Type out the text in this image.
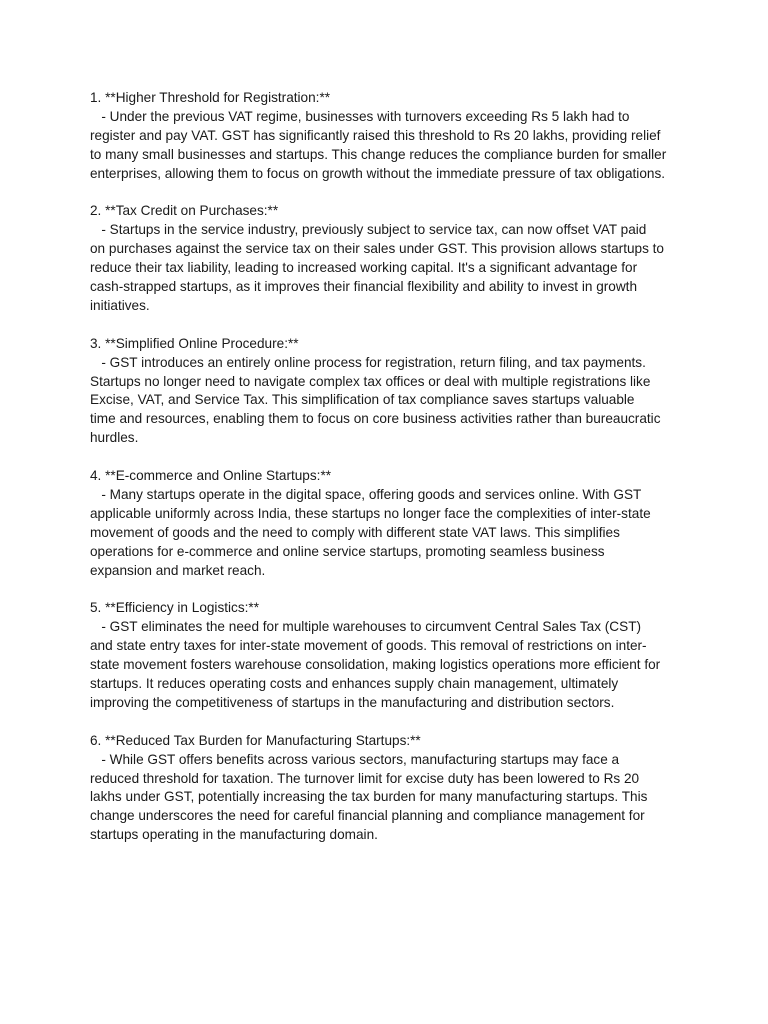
1. **Higher Threshold for Registration:**

- Under the previous VAT regime, businesses with turnovers exceeding Rs 5 lakh had to

register and pay VAT. GST has significantly raised this threshold to Rs 20 lakhs, providing relief

to many small businesses and startups. This change reduces the compliance burden for smaller

enterprises, allowing them to focus on growth without the immediate pressure of tax obligations.

2. **Tax Credit on Purchases:**

- Startups in the service industry, previously subject to service tax, can now offset VAT paid

on purchases against the service tax on their sales under GST. This provision allows startups to

reduce their tax liability, leading to increased working capital. It's a significant advantage for

cash-strapped startups, as it improves their financial flexibility and ability to invest in growth

initiatives.

3. **Simplified Online Procedure:**

- GST introduces an entirely online process for registration, return filing, and tax payments.

Startups no longer need to navigate complex tax offices or deal with multiple registrations like

Excise, VAT, and Service Tax. This simplification of tax compliance saves startups valuable

time and resources, enabling them to focus on core business activities rather than bureaucratic

hurdles.

4. **E-commerce and Online Startups:**

- Many startups operate in the digital space, offering goods and services online. With GST

applicable uniformly across India, these startups no longer face the complexities of inter-state

movement of goods and the need to comply with different state VAT laws. This simplifies

operations for e-commerce and online service startups, promoting seamless business

expansion and market reach.

5. **Efficiency in Logistics:**

- GST eliminates the need for multiple warehouses to circumvent Central Sales Tax (CST)

and state entry taxes for inter-state movement of goods. This removal of restrictions on inter-

state movement fosters warehouse consolidation, making logistics operations more efficient for

startups. It reduces operating costs and enhances supply chain management, ultimately

improving the competitiveness of startups in the manufacturing and distribution sectors.

6. **Reduced Tax Burden for Manufacturing Startups:**

- While GST offers benefits across various sectors, manufacturing startups may face a

reduced threshold for taxation. The turnover limit for excise duty has been lowered to Rs 20

lakhs under GST, potentially increasing the tax burden for many manufacturing startups. This

change underscores the need for careful financial planning and compliance management for

startups operating in the manufacturing domain.
